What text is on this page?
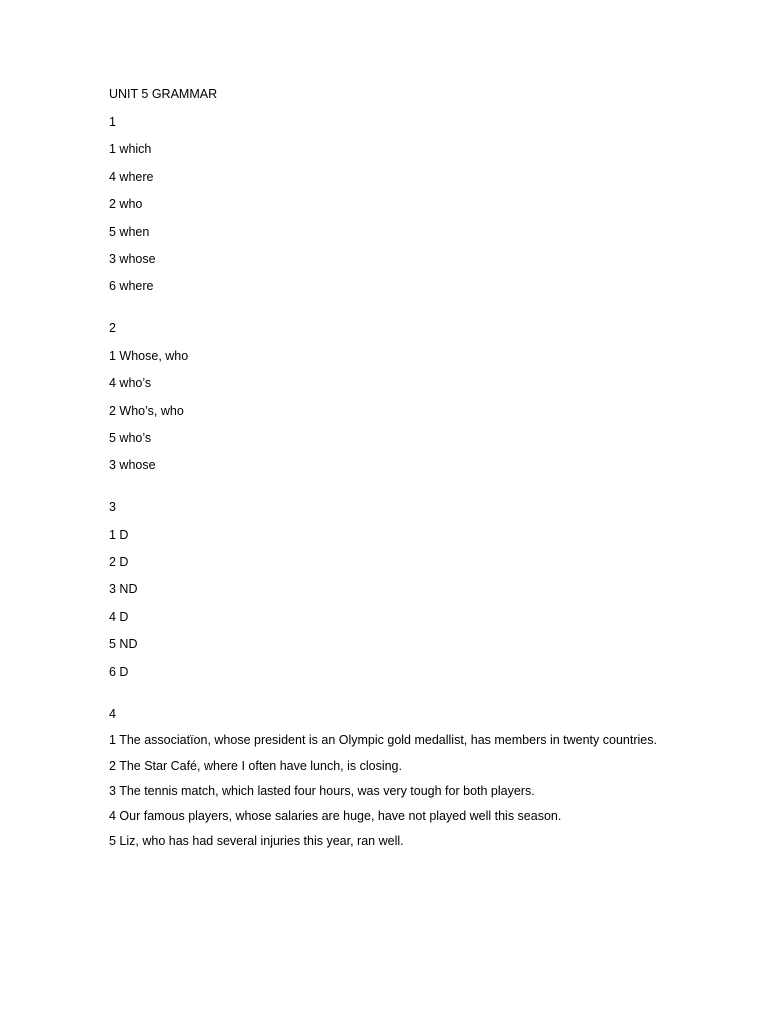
UNIT 5 GRAMMAR
1
1 which
4 where
2 who
5 when
3 whose
6 where
2
1 Whose, who
4 who’s
2 Who’s, who
5 who’s
3 whose
3
1 D
2 D
3 ND
4 D
5 ND
6 D
4
1 The associatïon, whose president is an Olympic gold medallist, has members in twenty countries.
2 The Star Café, where I often have lunch, is closing.
3 The tennis match, which lasted four hours, was very tough for both players.
4 Our famous players, whose salaries are huge, have not played well this season.
5 Liz, who has had several injuries this year, ran well.
